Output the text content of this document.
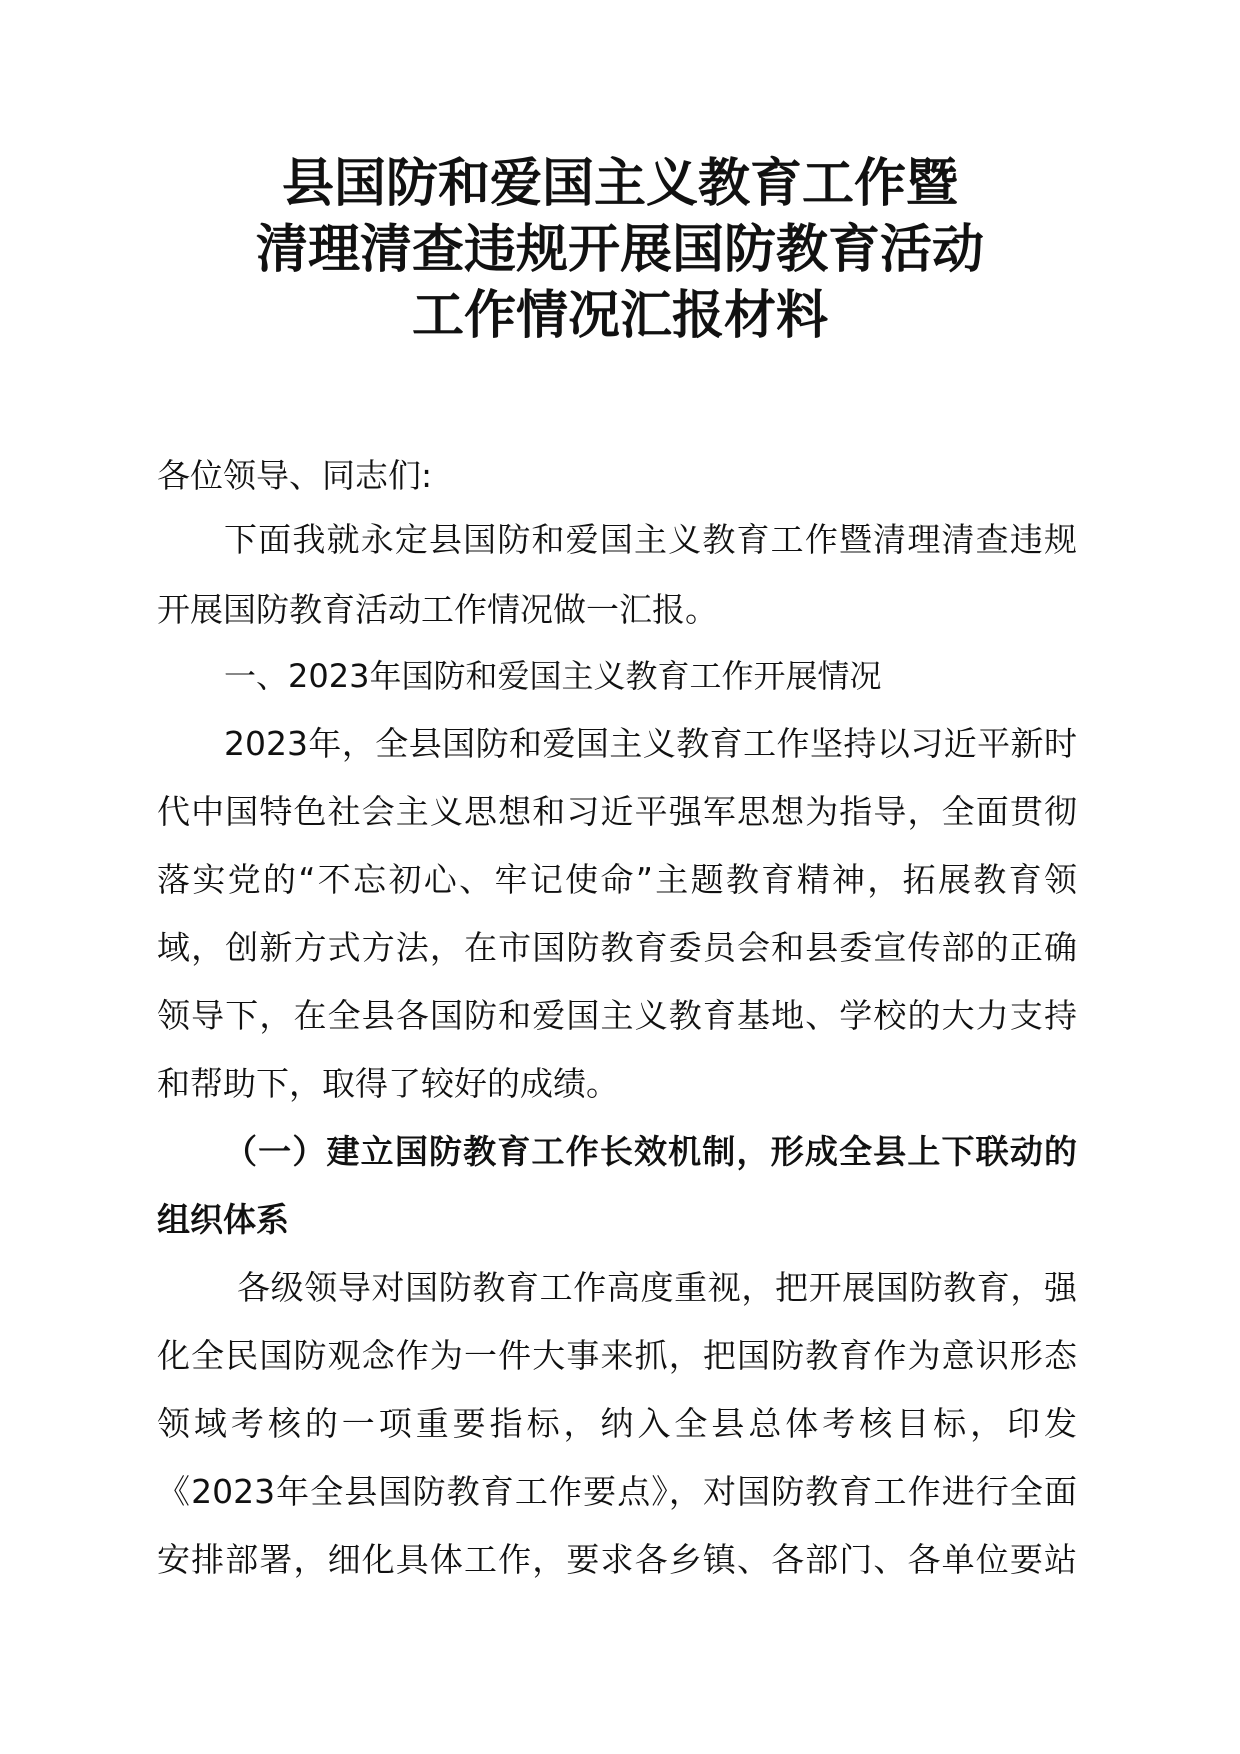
县国防和爱国主义教育工作暨
清理清查违规开展国防教育活动
工作情况汇报材料
各位领导、同志们:
下面我就永定县国防和爱国主义教育工作暨清理清查违规
开展国防教育活动工作情况做一汇报。
一、2023年国防和爱国主义教育工作开展情况
2023年，全县国防和爱国主义教育工作坚持以习近平新时
代中国特色社会主义思想和习近平强军思想为指导，全面贯彻
落实党的“不忘初心、牢记使命”主题教育精神，拓展教育领
域，创新方式方法，在市国防教育委员会和县委宣传部的正确
领导下，在全县各国防和爱国主义教育基地、学校的大力支持
和帮助下，取得了较好的成绩。
（一）建立国防教育工作长效机制，形成全县上下联动的
组织体系
各级领导对国防教育工作高度重视，把开展国防教育，强
化全民国防观念作为一件大事来抓，把国防教育作为意识形态
领域考核的一项重要指标，纳入全县总体考核目标，印发
《2023年全县国防教育工作要点》，对国防教育工作进行全面
安排部署，细化具体工作，要求各乡镇、各部门、各单位要站
